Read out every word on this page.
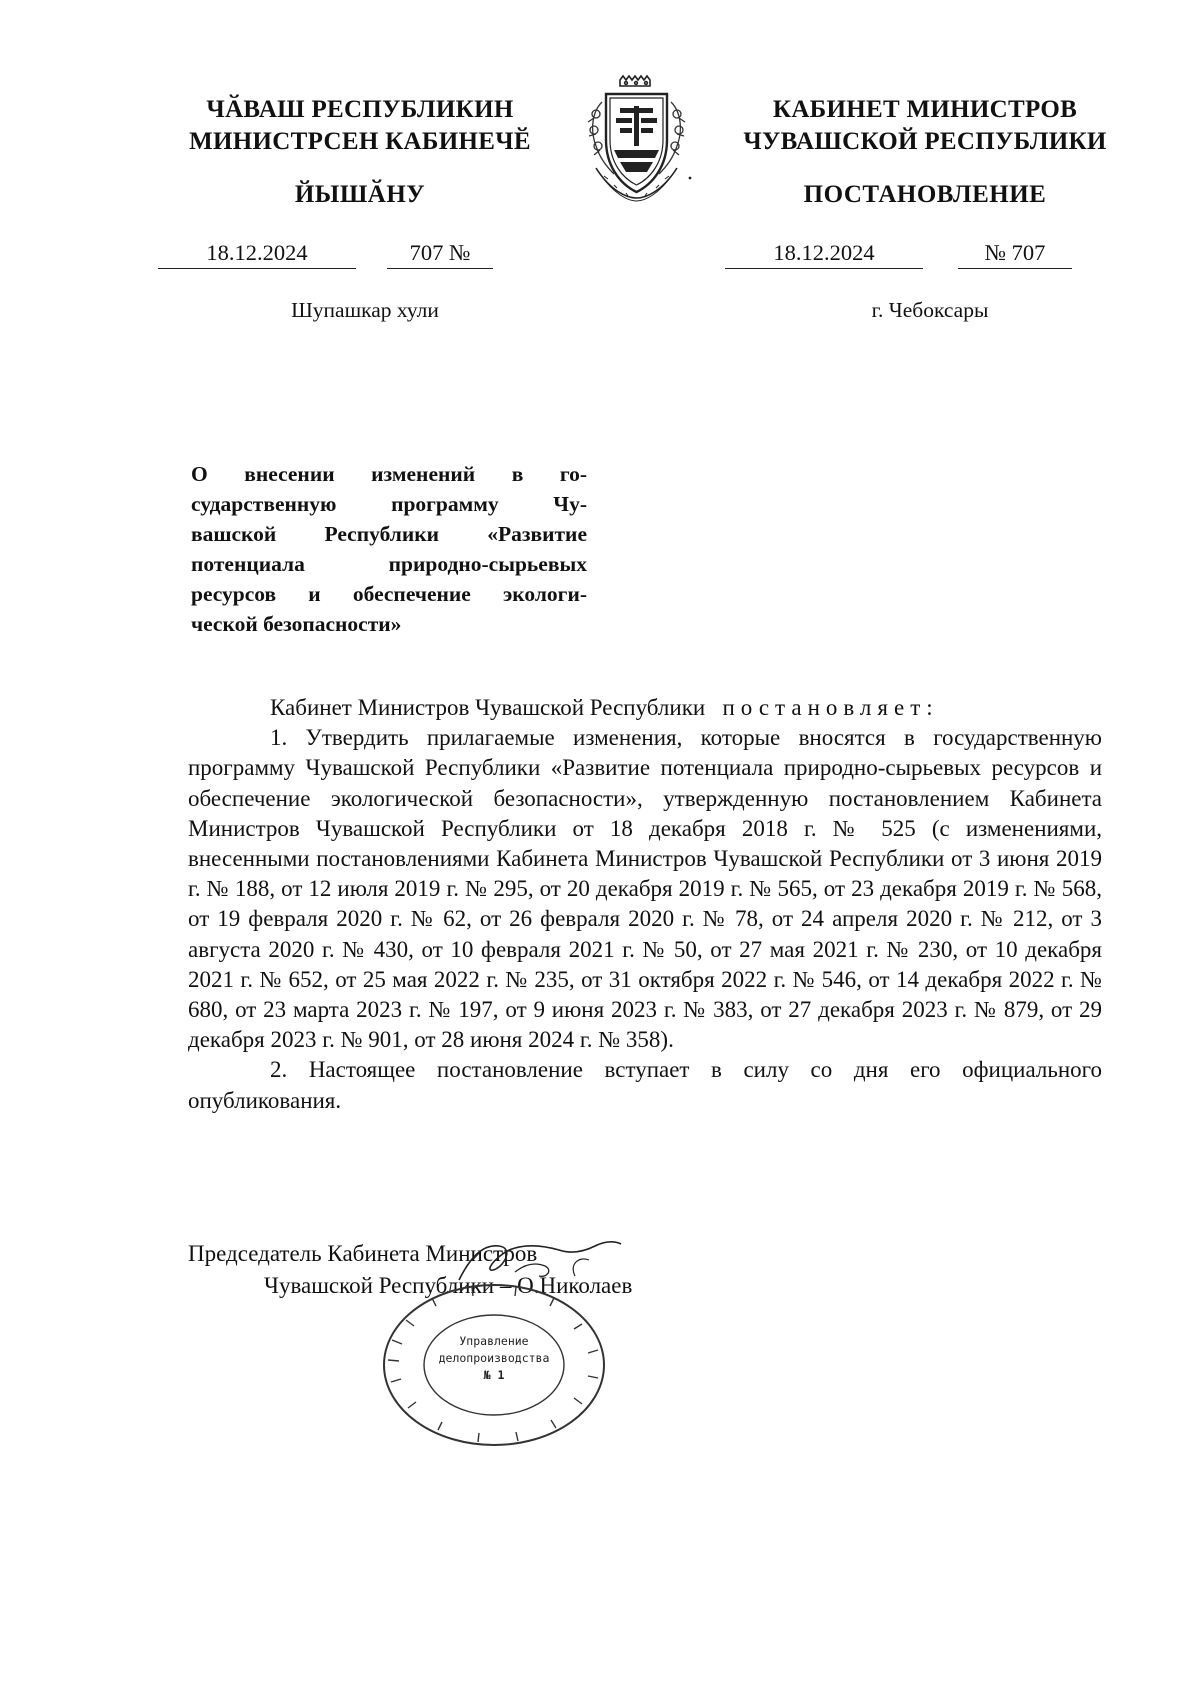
ЧӐВАШ РЕСПУБЛИКИН
МИНИСТРСЕН КАБИНЕЧӖ
ЙЫШӐНУ
18.12.2024	707 №
Шупашкар хули
КАБИНЕТ МИНИСТРОВ
ЧУВАШСКОЙ РЕСПУБЛИКИ
ПОСТАНОВЛЕНИЕ
18.12.2024	№ 707
г. Чебоксары
О внесении изменений в го-
сударственную программу Чу-
вашской Республики «Развитие
потенциала природно-сырьевых
ресурсов и обеспечение экологи-
ческой безопасности»

Кабинет Министров Чувашской Республики постановляет:

1. Утвердить прилагаемые изменения, которые вносятся в государственную программу Чувашской Республики «Развитие потенциала природно-сырьевых ресурсов и обеспечение экологической безопасности», утвержденную постановлением Кабинета Министров Чувашской Республики от 18 декабря 2018 г. № 525 (с изменениями, внесенными постановлениями Кабинета Министров Чувашской Республики от 3 июня 2019 г. № 188, от 12 июля 2019 г. № 295, от 20 декабря 2019 г. № 565, от 23 декабря 2019 г. № 568, от 19 февраля 2020 г. № 62, от 26 февраля 2020 г. № 78, от 24 апреля 2020 г. № 212, от 3 августа 2020 г. № 430, от 10 февраля 2021 г. № 50, от 27 мая 2021 г. № 230, от 10 декабря 2021 г. № 652, от 25 мая 2022 г. № 235, от 31 октября 2022 г. № 546, от 14 декабря 2022 г. № 680, от 23 марта 2023 г. № 197, от 9 июня 2023 г. № 383, от 27 декабря 2023 г. № 879, от 29 декабря 2023 г. № 901, от 28 июня 2024 г. № 358).

2. Настоящее постановление вступает в силу со дня его официального опубликования.

Председатель Кабинета Министров
Чувашской Республики – О.Николаев
Управление
делопроизводства
№ 1
